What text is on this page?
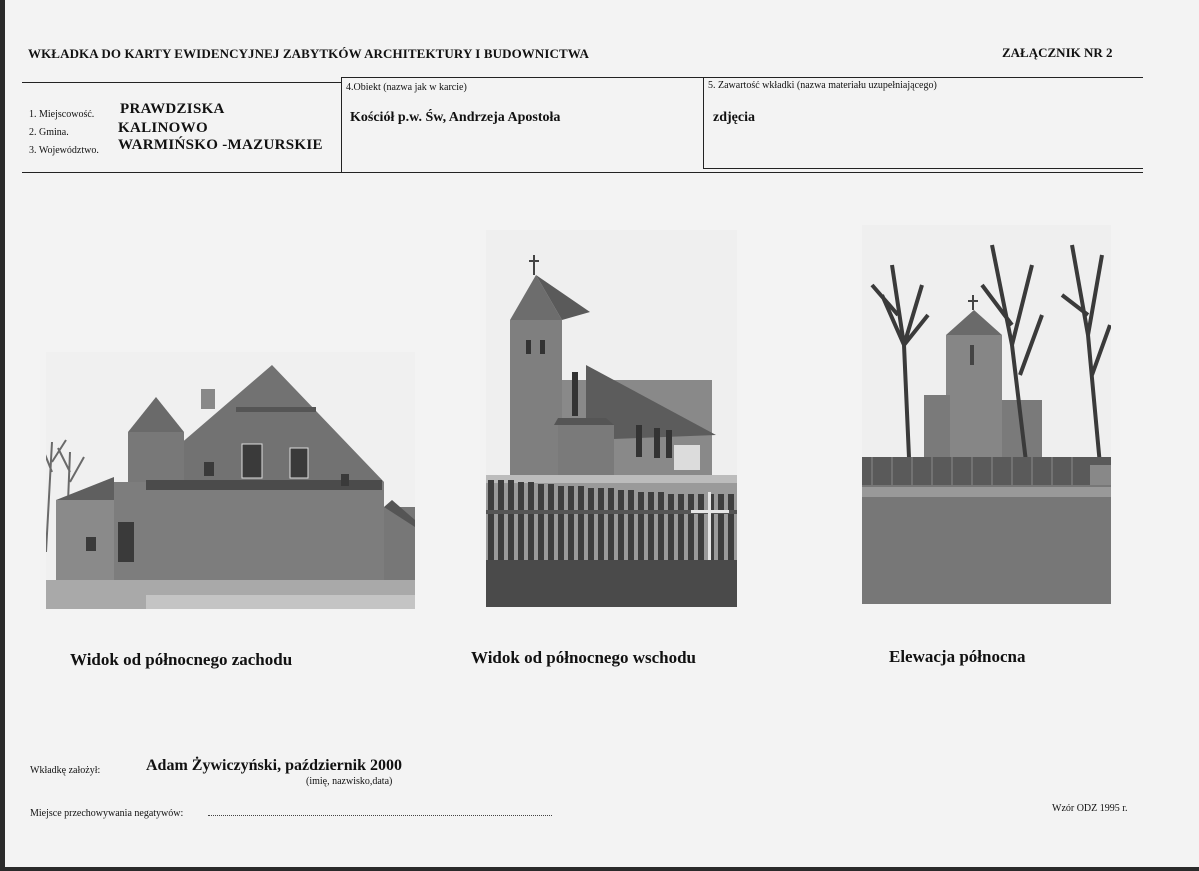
WKŁADKA DO KARTY EWIDENCYJNEJ ZABYTKÓW ARCHITEKTURY I BUDOWNICTWA	ZAŁĄCZNIK NR 2
1. Miejscowość. PRAWDZISKA
2. Gmina.	KALINOWO
3. Województwo. WARMIŃSKO -MAZURSKIE
4.Obiekt (nazwa jak w karcie)
Kościół p.w. Św, Andrzeja Apostoła
5. Zawartość wkładki (nazwa materiału uzupełniającego)
zdjęcia
Widok od północnego zachodu	Widok od północnego wschodu	Elewacja północna
Wkładkę założył:	Adam Żywiczyński, październik 2000
(imię, nazwisko,data)
Miejsce przechowywania negatywów:	Wzór ODZ 1995 r.
